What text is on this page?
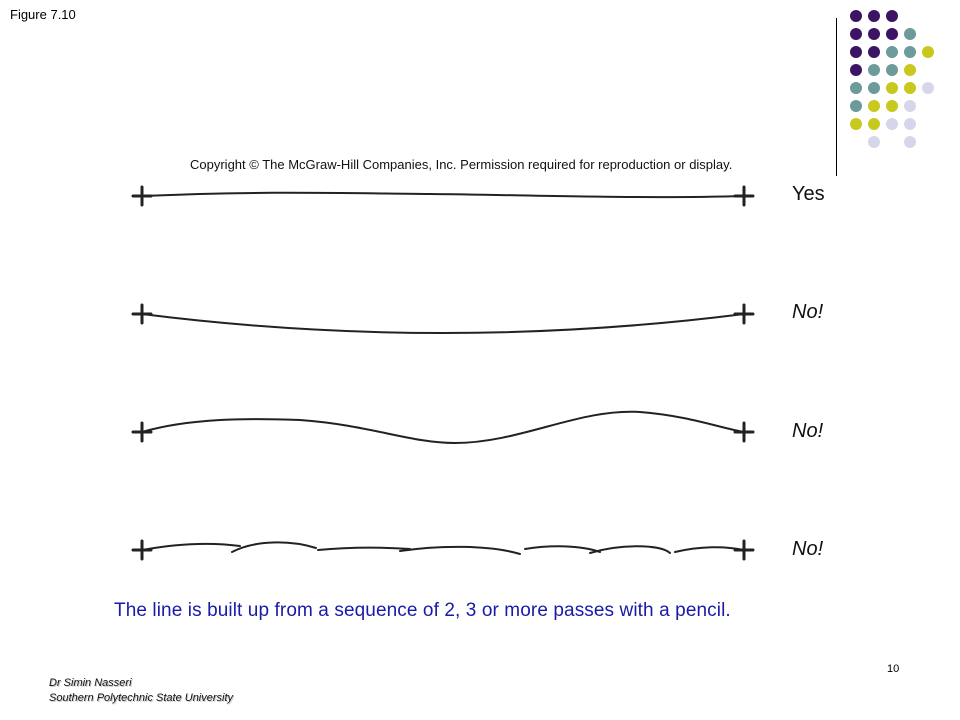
Figure 7.10
Copyright © The McGraw-Hill Companies, Inc. Permission required for reproduction or display.
Yes
No!
No!
No!
The line is built up from a sequence of 2, 3 or more passes with a pencil.
10
Dr Simin Nasseri
Southern Polytechnic State University
